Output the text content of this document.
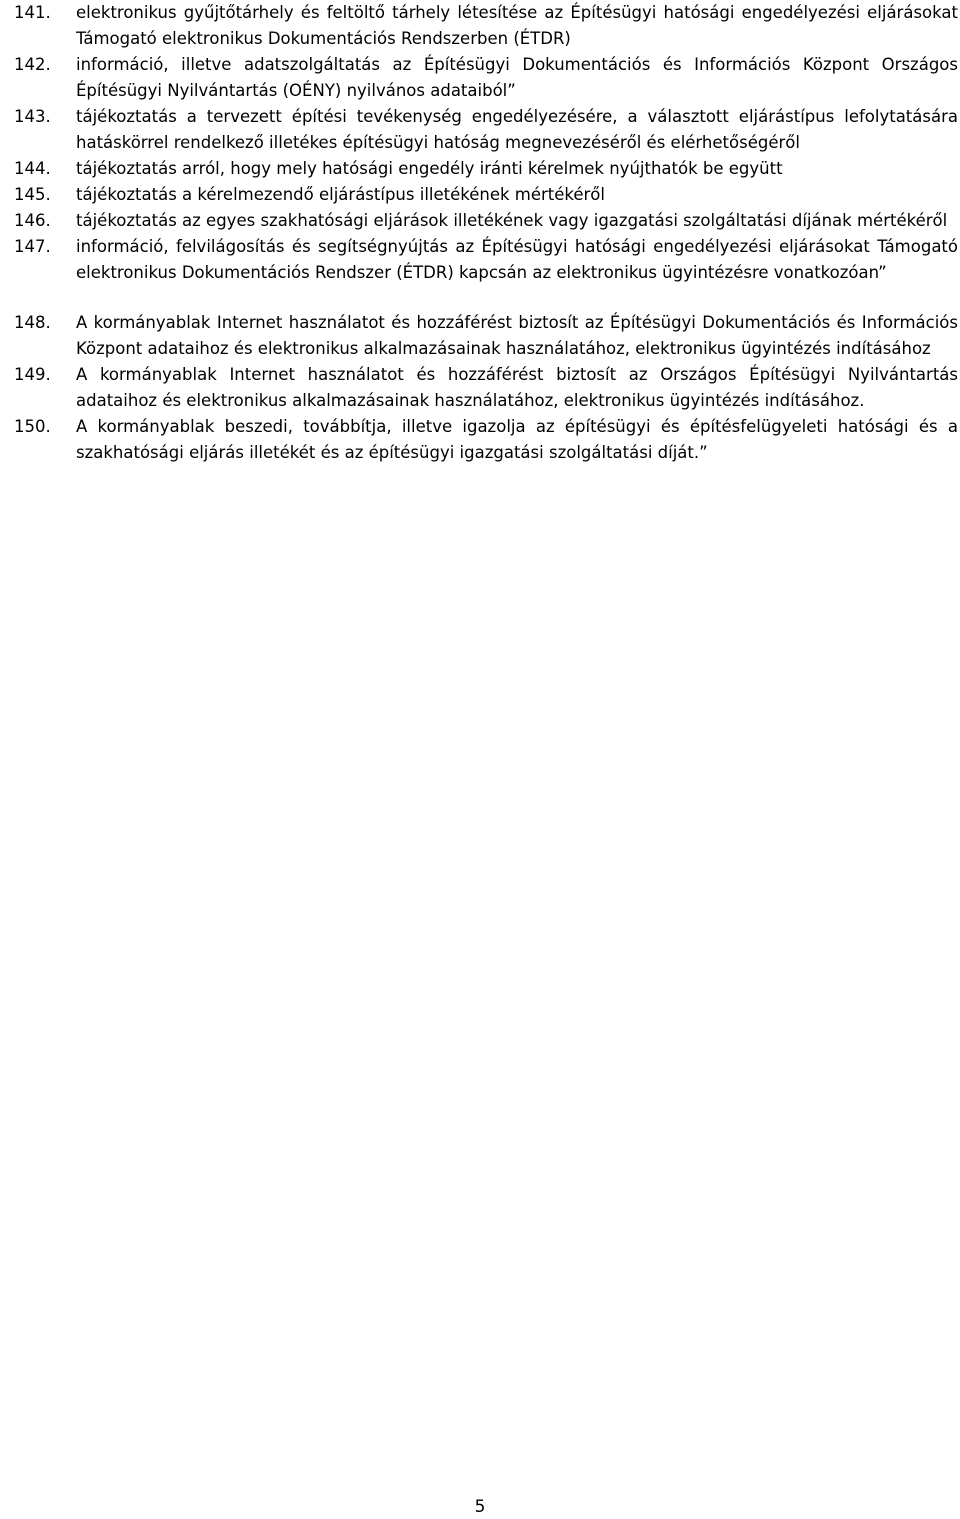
141.	elektronikus gyűjtőtárhely és feltöltő tárhely létesítése az Építésügyi hatósági engedélyezési eljárásokat Támogató elektronikus Dokumentációs Rendszerben (ÉTDR)
142.	információ, illetve adatszolgáltatás az Építésügyi Dokumentációs és Információs Központ Országos Építésügyi Nyilvántartás (OÉNY) nyilvános adataiból”
143.	tájékoztatás a tervezett építési tevékenység engedélyezésére, a választott eljárástípus lefolytatására hatáskörrel rendelkező illetékes építésügyi hatóság megnevezéséről és elérhetőségéről
144.	tájékoztatás arról, hogy mely hatósági engedély iránti kérelmek nyújthatók be együtt
145.	tájékoztatás a kérelmezendő eljárástípus illetékének mértékéről
146.	tájékoztatás az egyes szakhatósági eljárások illetékének vagy igazgatási szolgáltatási díjának mértékéről
147.	információ, felvilágosítás és segítségnyújtás az Építésügyi hatósági engedélyezési eljárásokat Támogató elektronikus Dokumentációs Rendszer (ÉTDR) kapcsán az elektronikus ügyintézésre vonatkozóan”
148.	A kormányablak Internet használatot és hozzáférést biztosít az Építésügyi Dokumentációs és Információs Központ adataihoz és elektronikus alkalmazásainak használatához, elektronikus ügyintézés indításához
149.	A kormányablak Internet használatot és hozzáférést biztosít az Országos Építésügyi Nyilvántartás adataihoz és elektronikus alkalmazásainak használatához, elektronikus ügyintézés indításához.
150.	A kormányablak beszedi, továbbítja, illetve igazolja az építésügyi és építésfelügyeleti hatósági és a szakhatósági eljárás illetékét és az építésügyi igazgatási szolgáltatási díját.”
5
